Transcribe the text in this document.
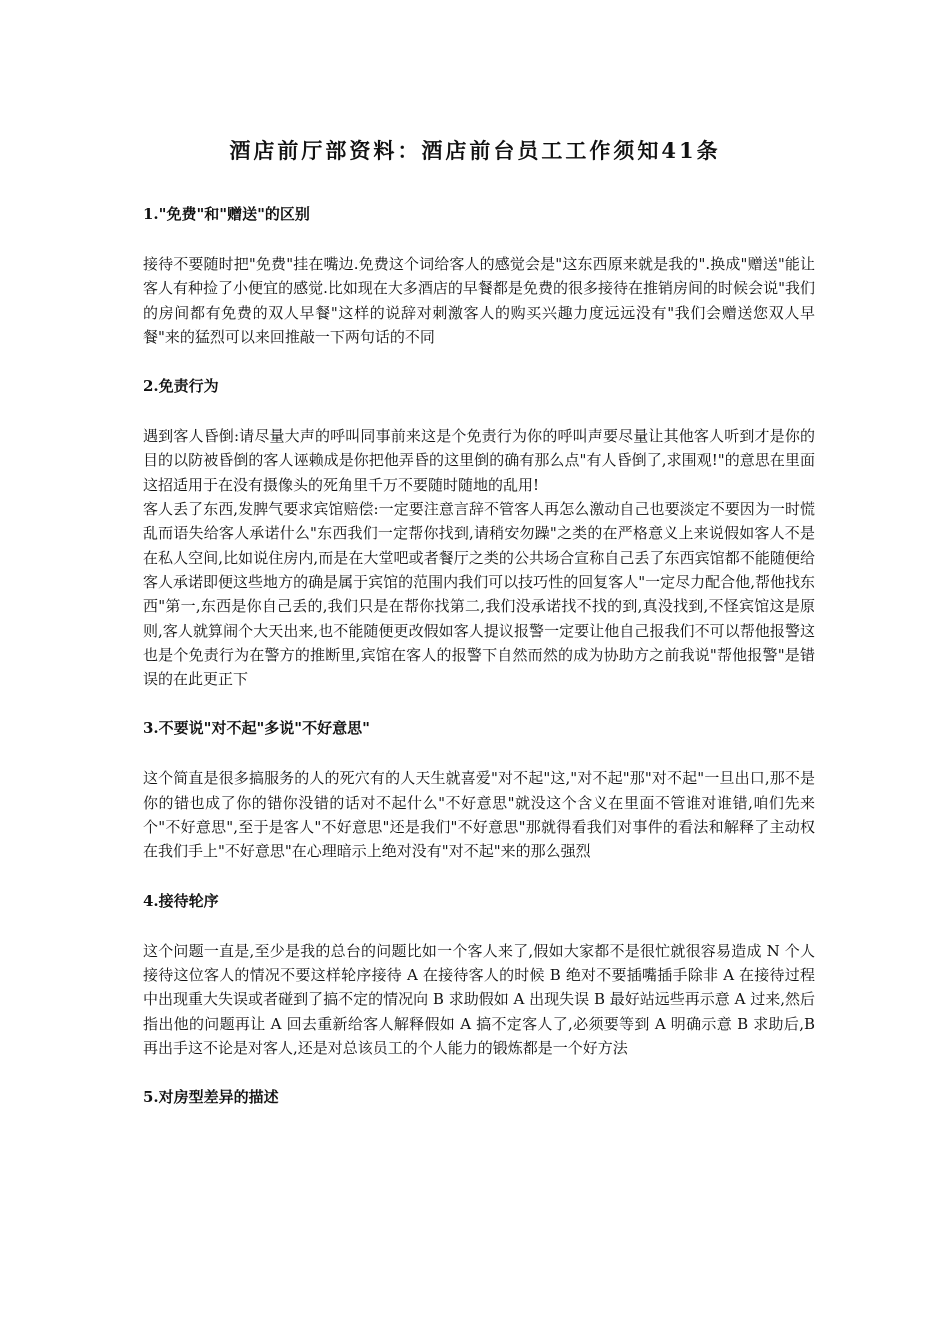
酒店前厅部资料：酒店前台员工工作须知41条
1."免费"和"赠送"的区别

接待不要随时把"免费"挂在嘴边.免费这个词给客人的感觉会是"这东西原来就是我的".换成"赠送"能让客人有种捡了小便宜的感觉.比如现在大多酒店的早餐都是免费的很多接待在推销房间的时候会说"我们的房间都有免费的双人早餐"这样的说辞对刺激客人的购买兴趣力度远远没有"我们会赠送您双人早餐"来的猛烈可以来回推敲一下两句话的不同

2.免责行为

遇到客人昏倒:请尽量大声的呼叫同事前来这是个免责行为你的呼叫声要尽量让其他客人听到才是你的目的以防被昏倒的客人诬赖成是你把他弄昏的这里倒的确有那么点"有人昏倒了,求围观!"的意思在里面这招适用于在没有摄像头的死角里千万不要随时随地的乱用!

客人丢了东西,发脾气要求宾馆赔偿:一定要注意言辞不管客人再怎么激动自己也要淡定不要因为一时慌乱而语失给客人承诺什么"东西我们一定帮你找到,请稍安勿躁"之类的在严格意义上来说假如客人不是在私人空间,比如说住房内,而是在大堂吧或者餐厅之类的公共场合宣称自己丢了东西宾馆都不能随便给客人承诺即便这些地方的确是属于宾馆的范围内我们可以技巧性的回复客人"一定尽力配合他,帮他找东西"第一,东西是你自己丢的,我们只是在帮你找第二,我们没承诺找不找的到,真没找到,不怪宾馆这是原则,客人就算闹个大天出来,也不能随便更改假如客人提议报警一定要让他自己报我们不可以帮他报警这也是个免责行为在警方的推断里,宾馆在客人的报警下自然而然的成为协助方之前我说"帮他报警"是错误的在此更正下

3.不要说"对不起"多说"不好意思"

这个简直是很多搞服务的人的死穴有的人天生就喜爱"对不起"这,"对不起"那"对不起"一旦出口,那不是你的错也成了你的错你没错的话对不起什么"不好意思"就没这个含义在里面不管谁对谁错,咱们先来个"不好意思",至于是客人"不好意思"还是我们"不好意思"那就得看我们对事件的看法和解释了主动权在我们手上"不好意思"在心理暗示上绝对没有"对不起"来的那么强烈

4.接待轮序

这个问题一直是,至少是我的总台的问题比如一个客人来了,假如大家都不是很忙就很容易造成 N 个人接待这位客人的情况不要这样轮序接待 A 在接待客人的时候 B 绝对不要插嘴插手除非 A 在接待过程中出现重大失误或者碰到了搞不定的情况向 B 求助假如 A 出现失误 B 最好站远些再示意 A 过来,然后指出他的问题再让 A 回去重新给客人解释假如 A 搞不定客人了,必须要等到 A 明确示意 B 求助后,B 再出手这不论是对客人,还是对总该员工的个人能力的锻炼都是一个好方法

5.对房型差异的描述
